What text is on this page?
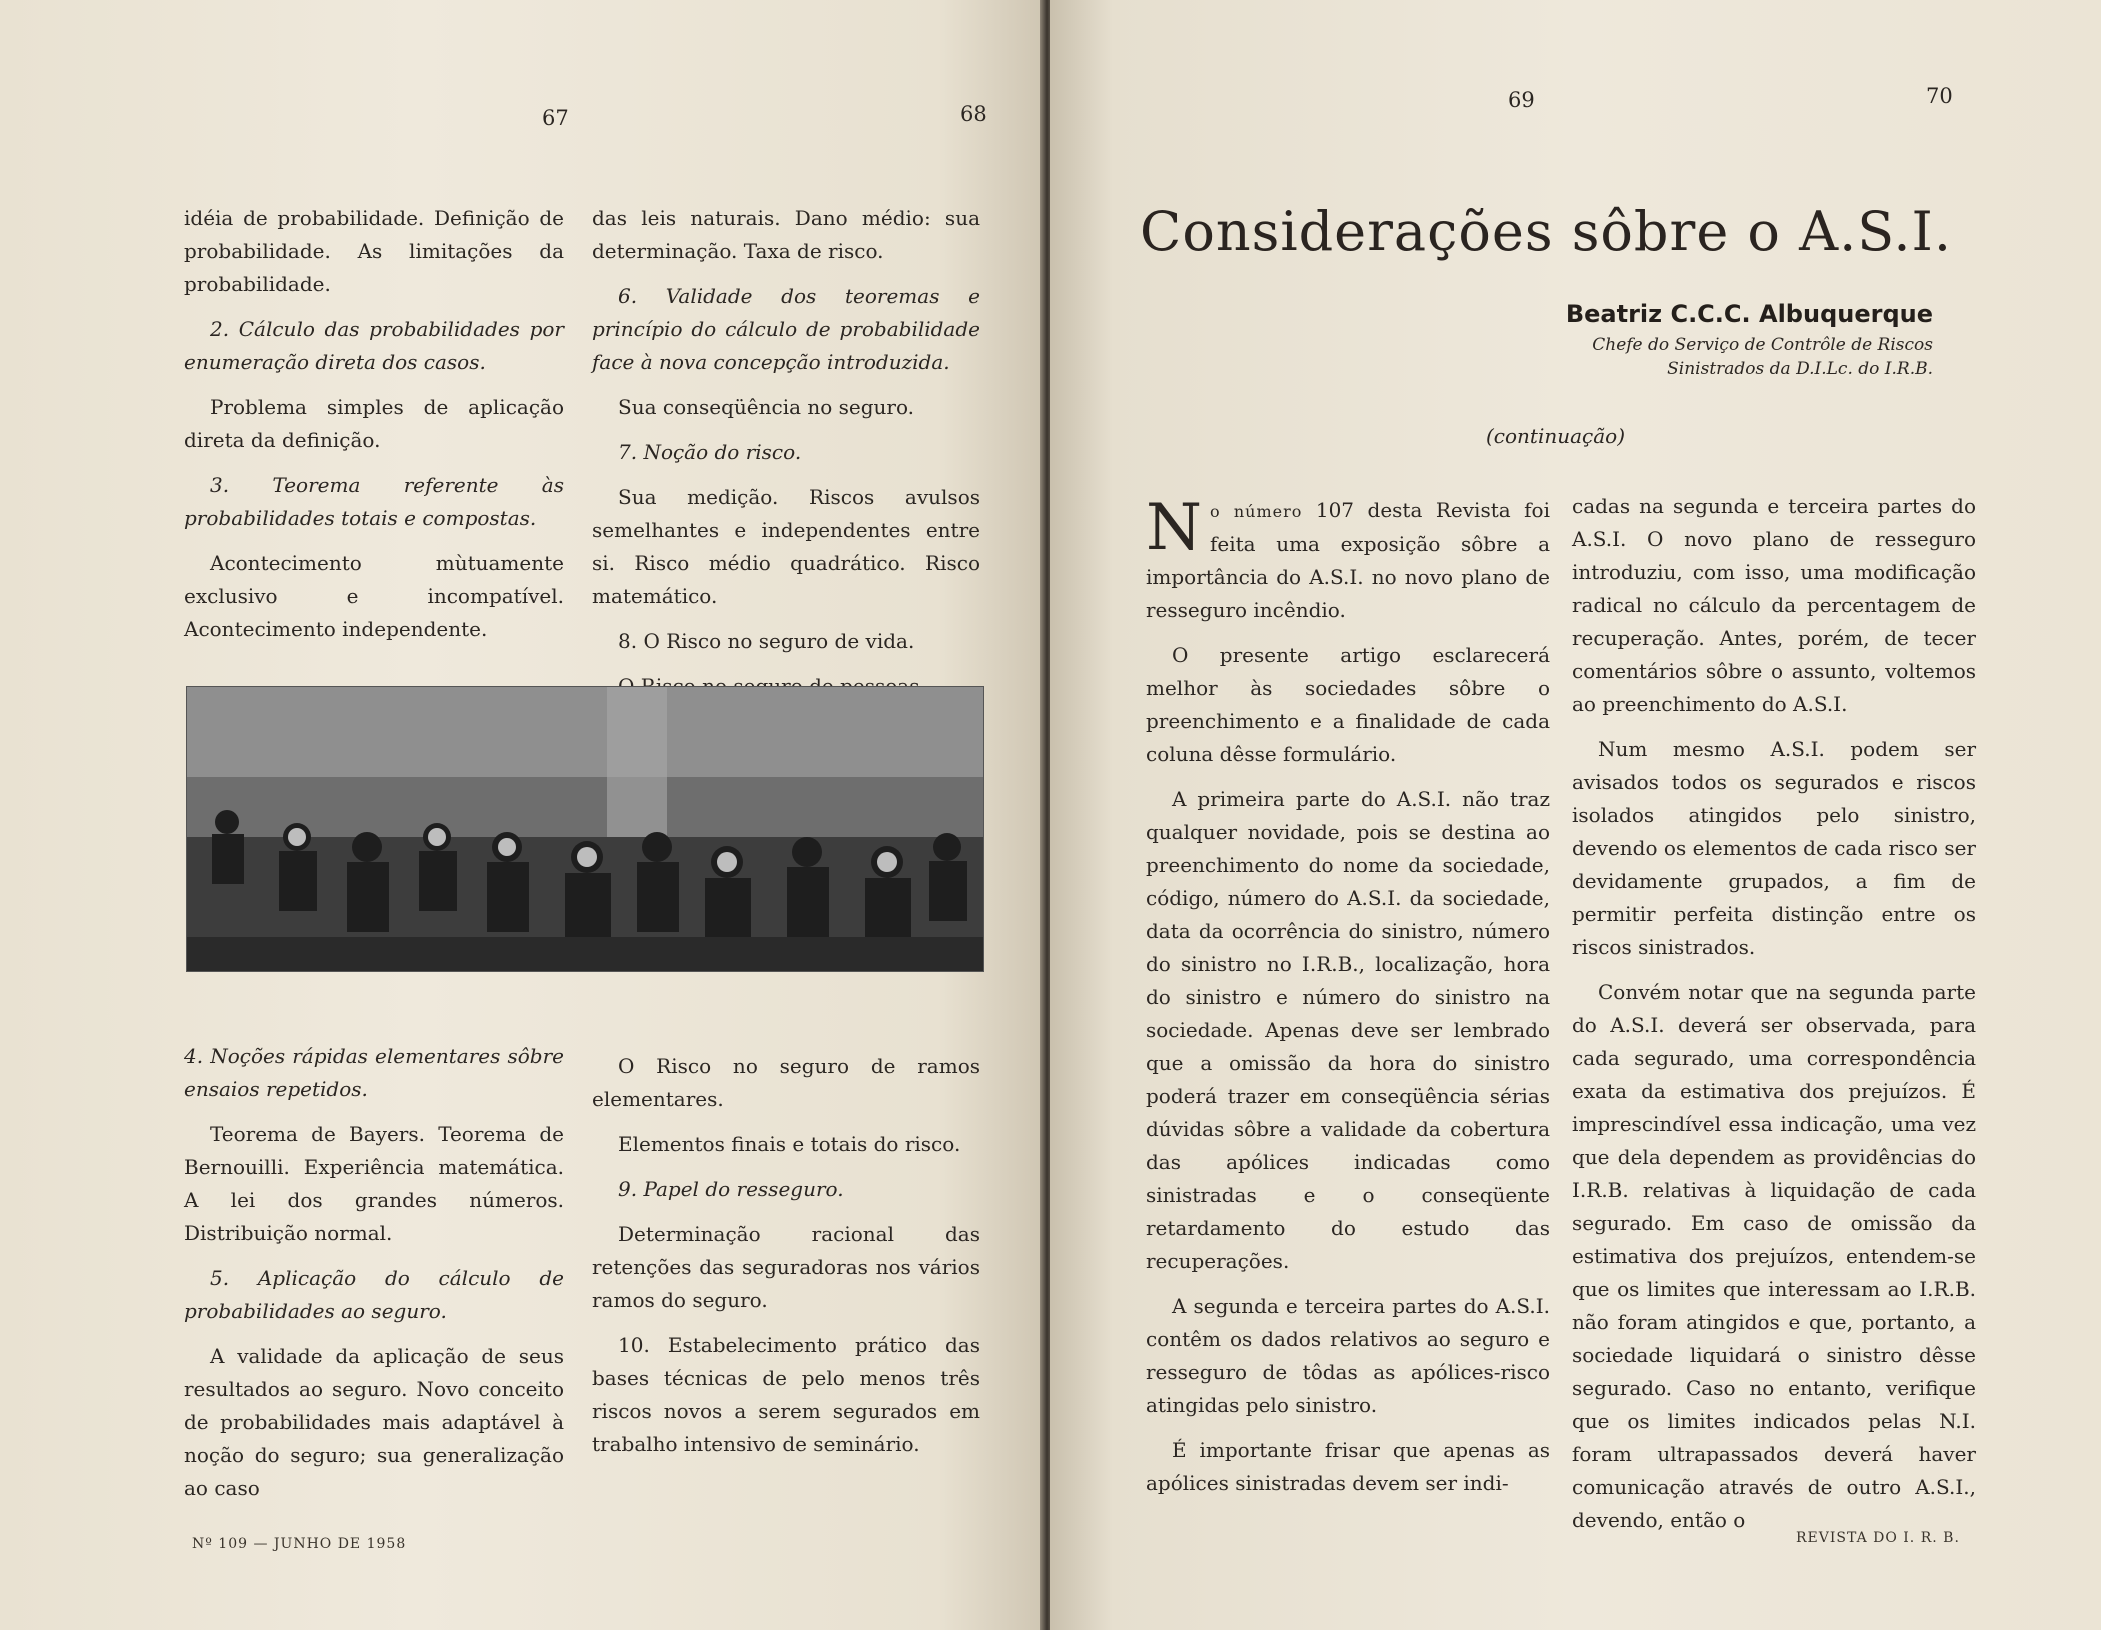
67	68

idéia de probabilidade. Definição de probabilidade. As limitações da probabilidade.

2. Cálculo das probabilidades por enumeração direta dos casos.

Problema simples de aplicação direta da definição.

3. Teorema referente às probabilidades totais e compostas.

Acontecimento mùtuamente exclusivo e incompatível. Acontecimento independente.

das leis naturais. Dano médio: sua determinação. Taxa de risco.

6. Validade dos teoremas e princípio do cálculo de probabilidade face à nova concepção introduzida.

Sua conseqüência no seguro.

7. Noção do risco.

Sua medição. Riscos avulsos semelhantes e independentes entre si. Risco médio quadrático. Risco matemático.

8. O Risco no seguro de vida.

4. Noções rápidas elementares sôbre ensaios repetidos.

Teorema de Bayers. Teorema de Bernouilli. Experiência matemática. A lei dos grandes números. Distribuição normal.

5. Aplicação do cálculo de probabilidades ao seguro.

A validade da aplicação de seus resultados ao seguro. Novo conceito de probabilidades mais adaptável à noção do seguro; sua generalização ao caso

O Risco no seguro de ramos elementares.

Elementos finais e totais do risco.

9. Papel do resseguro.

Determinação racional das retenções das seguradoras nos vários ramos do seguro.

10. Estabelecimento prático das bases técnicas de pelo menos três riscos novos a serem segurados em trabalho intensivo de seminário.

Nº 109 — JUNHO DE 1958
69	70
Considerações sôbre o A.S.I.
Beatriz C.C.C. Albuquerque
Chefe do Serviço de Contrôle de Riscos
Sinistrados da D.I.Lc. do I.R.B.
(continuação)

No número 107 desta Revista foi feita uma exposição sôbre a importância do A.S.I. no novo plano de resseguro incêndio.

O presente artigo esclarecerá melhor às sociedades sôbre o preenchimento e a finalidade de cada coluna dêsse formulário.

A primeira parte do A.S.I. não traz qualquer novidade, pois se destina ao preenchimento do nome da sociedade, código, número do A.S.I. da sociedade, data da ocorrência do sinistro, número do sinistro no I.R.B., localização, hora do sinistro e número do sinistro na sociedade. Apenas deve ser lembrado que a omissão da hora do sinistro poderá trazer em conseqüência sérias dúvidas sôbre a validade da cobertura das apólices indicadas como sinistradas e o conseqüente retardamento do estudo das recuperações.

A segunda e terceira partes do A.S.I. contêm os dados relativos ao seguro e resseguro de tôdas as apólices-risco atingidas pelo sinistro.

É importante frisar que apenas as apólices sinistradas devem ser indi-

cadas na segunda e terceira partes do A.S.I. O novo plano de resseguro introduziu, com isso, uma modificação radical no cálculo da percentagem de recuperação. Antes, porém, de tecer comentários sôbre o assunto, voltemos ao preenchimento do A.S.I.

Num mesmo A.S.I. podem ser avisados todos os segurados e riscos isolados atingidos pelo sinistro, devendo os elementos de cada risco ser devidamente grupados, a fim de permitir perfeita distinção entre os riscos sinistrados.

Convém notar que na segunda parte do A.S.I. deverá ser observada, para cada segurado, uma correspondência exata da estimativa dos prejuízos. É imprescindível essa indicação, uma vez que dela dependem as providências do I.R.B. relativas à liquidação de cada segurado. Em caso de omissão da estimativa dos prejuízos, entendem-se que os limites que interessam ao I.R.B. não foram atingidos e que, portanto, a sociedade liquidará o sinistro dêsse segurado. Caso no entanto, verifique que os limites indicados pelas N.I. foram ultrapassados deverá haver comunicação através de outro A.S.I., devendo, então o

REVISTA DO I. R. B.
